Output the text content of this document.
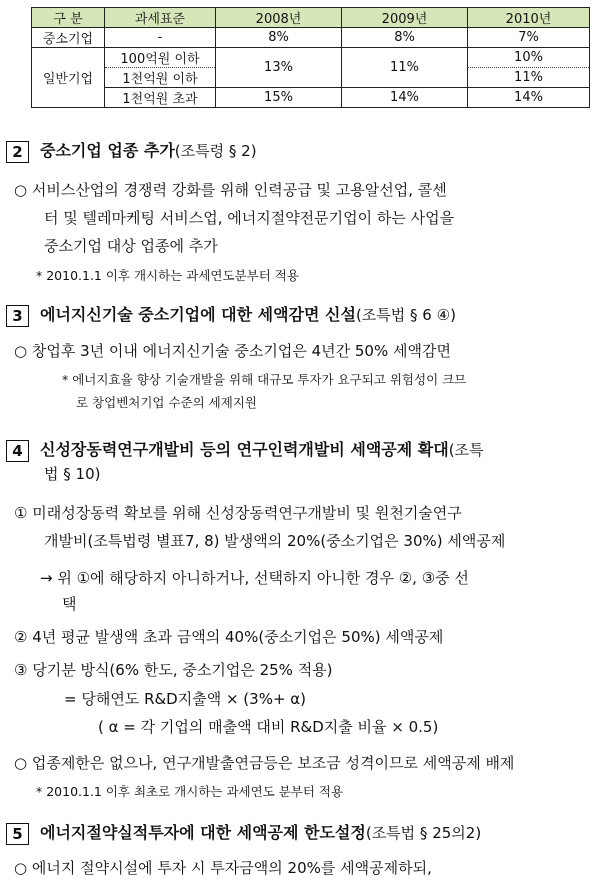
구 분	과세표준	2008년	2009년	2010년
중소기업	-	8%	8%	7%
일반기업	100억원 이하	13%	11%	10%
	1천억원 이하			11%
	1천억원 초과	15%	14%	14%
2 중소기업 업종 추가(조특령 § 2)
○ 서비스산업의 경쟁력 강화를 위해 인력공급 및 고용알선업, 콜센
터 및 텔레마케팅 서비스업, 에너지절약전문기업이 하는 사업을
중소기업 대상 업종에 추가
* 2010.1.1 이후 개시하는 과세연도분부터 적용
3 에너지신기술 중소기업에 대한 세액감면 신설(조특법 § 6 ④)
○ 창업후 3년 이내 에너지신기술 중소기업은 4년간 50% 세액감면
* 에너지효율 향상 기술개발을 위해 대규모 투자가 요구되고 위험성이 크므
로 창업벤처기업 수준의 세제지원
4 신성장동력연구개발비 등의 연구인력개발비 세액공제 확대(조특
법 § 10)
① 미래성장동력 확보를 위해 신성장동력연구개발비 및 원천기술연구
개발비(조특법령 별표7, 8) 발생액의 20%(중소기업은 30%) 세액공제
→ 위 ①에 해당하지 아니하거나, 선택하지 아니한 경우 ②, ③중 선
택
② 4년 평균 발생액 초과 금액의 40%(중소기업은 50%) 세액공제
③ 당기분 방식(6% 한도, 중소기업은 25% 적용)
= 당해연도 R&D지출액 × (3%+ α)
( α = 각 기업의 매출액 대비 R&D지출 비율 × 0.5)
○ 업종제한은 없으나, 연구개발출연금등은 보조금 성격이므로 세액공제 배제
* 2010.1.1 이후 최초로 개시하는 과세연도 분부터 적용
5 에너지절약실적투자에 대한 세액공제 한도설정(조특법 § 25의2)
○ 에너지 절약시설에 투자 시 투자금액의 20%를 세액공제하되,
